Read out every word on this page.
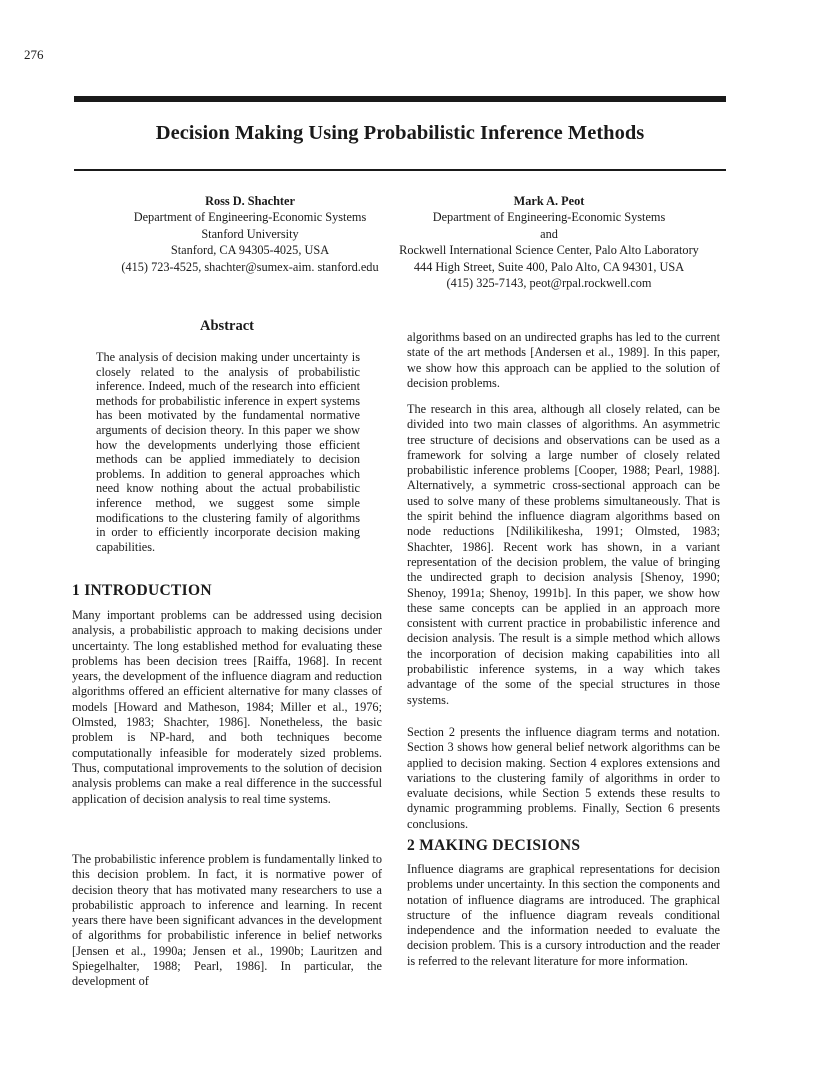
276
Decision Making Using Probabilistic Inference Methods
Ross D. Shachter
Department of Engineering-Economic Systems
Stanford University
Stanford, CA 94305-4025, USA
(415) 723-4525, shachter@sumex-aim. stanford.edu
Mark A. Peot
Department of Engineering-Economic Systems
and
Rockwell International Science Center, Palo Alto Laboratory
444 High Street, Suite 400, Palo Alto, CA 94301, USA
(415) 325-7143, peot@rpal.rockwell.com
Abstract

The analysis of decision making under uncertainty is closely related to the analysis of probabilistic inference. Indeed, much of the research into efficient methods for probabilistic inference in expert systems has been motivated by the fundamental normative arguments of decision theory. In this paper we show how the developments underlying those efficient methods can be applied immediately to decision problems. In addition to general approaches which need know nothing about the actual probabilistic inference method, we suggest some simple modifications to the clustering family of algorithms in order to efficiently incorporate decision making capabilities.

1 INTRODUCTION

Many important problems can be addressed using decision analysis, a probabilistic approach to making decisions under uncertainty. The long established method for evaluating these problems has been decision trees [Raiffa, 1968]. In recent years, the development of the influence diagram and reduction algorithms offered an efficient alternative for many classes of models [Howard and Matheson, 1984; Miller et al., 1976; Olmsted, 1983; Shachter, 1986]. Nonetheless, the basic problem is NP-hard, and both techniques become computationally infeasible for moderately sized problems. Thus, computational improvements to the solution of decision analysis problems can make a real difference in the successful application of decision analysis to real time systems.

The probabilistic inference problem is fundamentally linked to this decision problem. In fact, it is normative power of decision theory that has motivated many researchers to use a probabilistic approach to inference and learning. In recent years there have been significant advances in the development of algorithms for probabilistic inference in belief networks [Jensen et al., 1990a; Jensen et al., 1990b; Lauritzen and Spiegelhalter, 1988; Pearl, 1986]. In particular, the development of

algorithms based on an undirected graphs has led to the current state of the art methods [Andersen et al., 1989]. In this paper, we show how this approach can be applied to the solution of decision problems.

The research in this area, although all closely related, can be divided into two main classes of algorithms. An asymmetric tree structure of decisions and observations can be used as a framework for solving a large number of closely related probabilistic inference problems [Cooper, 1988; Pearl, 1988]. Alternatively, a symmetric cross-sectional approach can be used to solve many of these problems simultaneously. That is the spirit behind the influence diagram algorithms based on node reductions [Ndilikilikesha, 1991; Olmsted, 1983; Shachter, 1986]. Recent work has shown, in a variant representation of the decision problem, the value of bringing the undirected graph to decision analysis [Shenoy, 1990; Shenoy, 1991a; Shenoy, 1991b]. In this paper, we show how these same concepts can be applied in an approach more consistent with current practice in probabilistic inference and decision analysis. The result is a simple method which allows the incorporation of decision making capabilities into all probabilistic inference systems, in a way which takes advantage of the some of the special structures in those systems.

Section 2 presents the influence diagram terms and notation. Section 3 shows how general belief network algorithms can be applied to decision making. Section 4 explores extensions and variations to the clustering family of algorithms in order to evaluate decisions, while Section 5 extends these results to dynamic programming problems. Finally, Section 6 presents conclusions.

2 MAKING DECISIONS

Influence diagrams are graphical representations for decision problems under uncertainty. In this section the components and notation of influence diagrams are introduced. The graphical structure of the influence diagram reveals conditional independence and the information needed to evaluate the decision problem. This is a cursory introduction and the reader is referred to the relevant literature for more information.
